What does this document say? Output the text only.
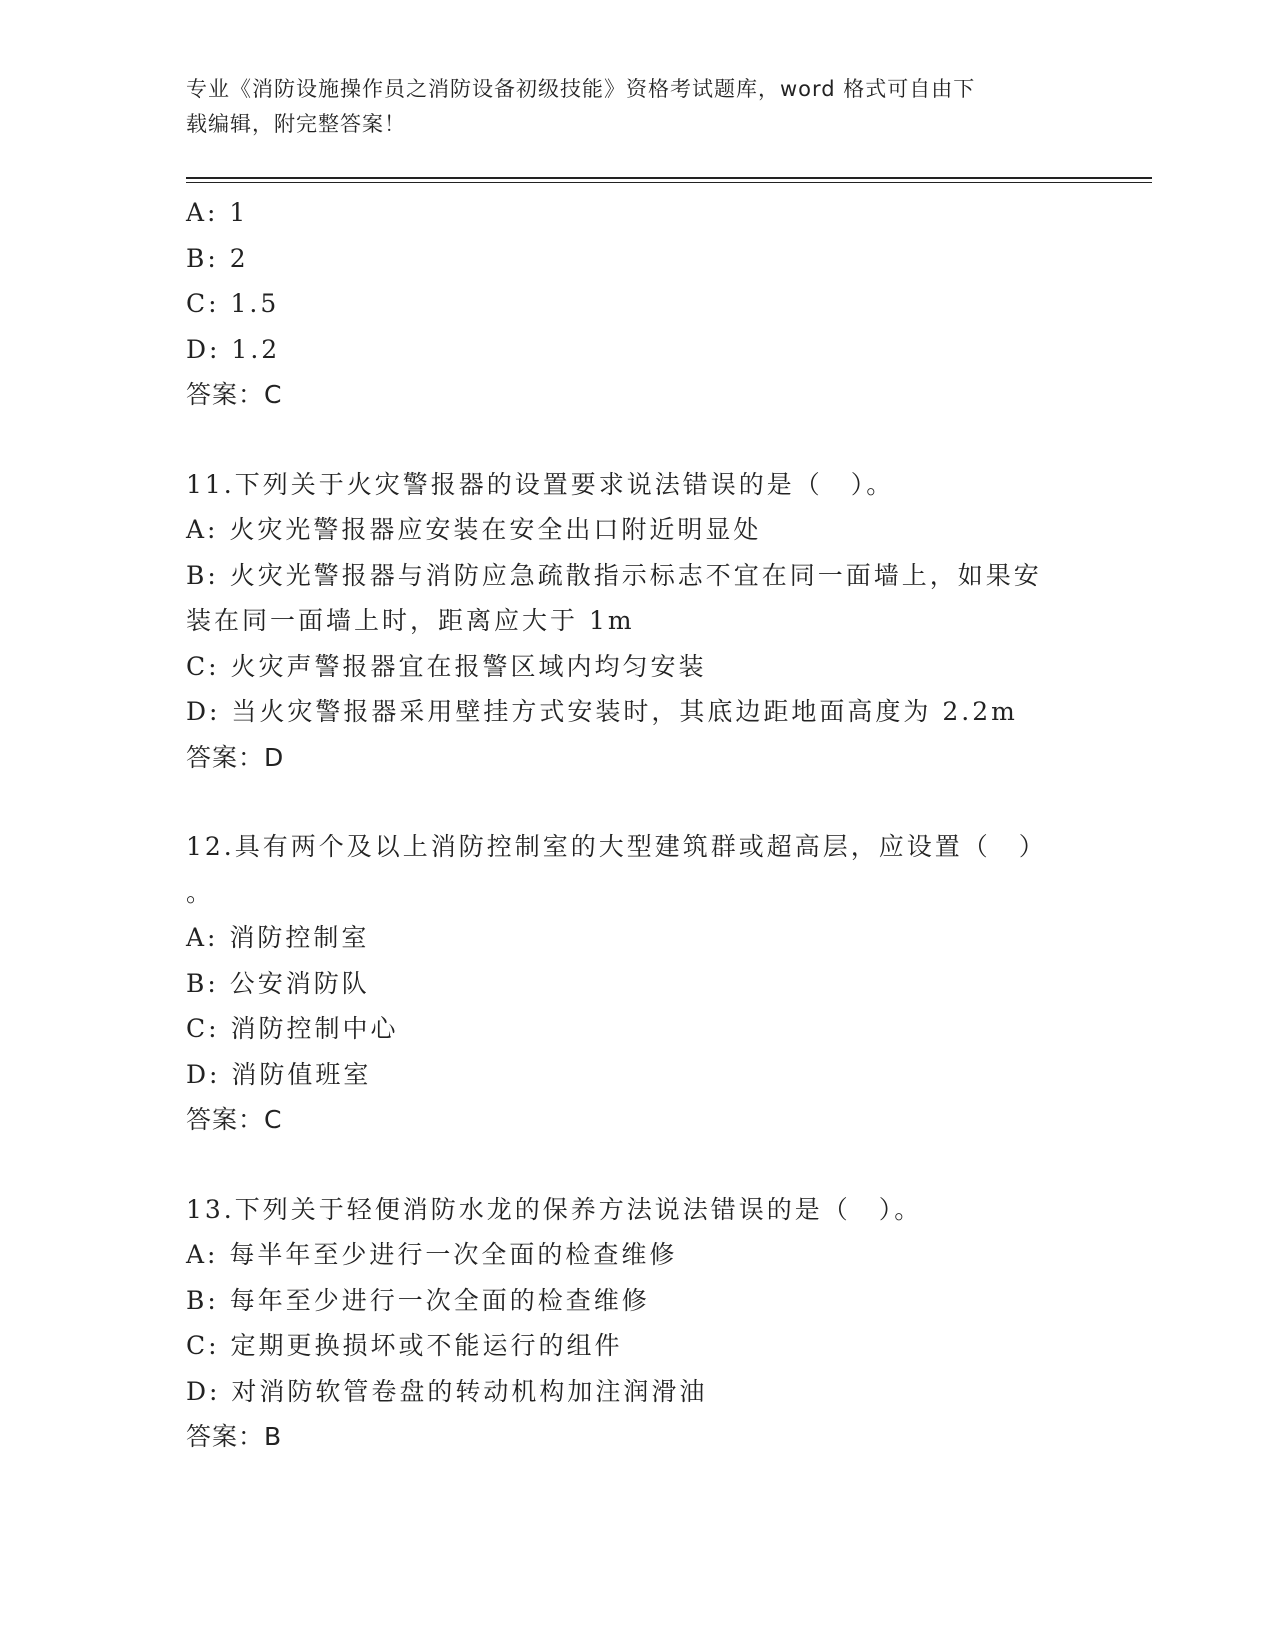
专业《消防设施操作员之消防设备初级技能》资格考试题库，word 格式可自由下
载编辑，附完整答案！
A: 1
B: 2
C: 1.5
D: 1.2
答案：C
11.下列关于火灾警报器的设置要求说法错误的是（　）。
A: 火灾光警报器应安装在安全出口附近明显处
B: 火灾光警报器与消防应急疏散指示标志不宜在同一面墙上，如果安
装在同一面墙上时，距离应大于 1m
C: 火灾声警报器宜在报警区域内均匀安装
D: 当火灾警报器采用壁挂方式安装时，其底边距地面高度为 2.2m
答案：D
12.具有两个及以上消防控制室的大型建筑群或超高层，应设置（　）
。
A: 消防控制室
B: 公安消防队
C: 消防控制中心
D: 消防值班室
答案：C
13.下列关于轻便消防水龙的保养方法说法错误的是（　）。
A: 每半年至少进行一次全面的检查维修
B: 每年至少进行一次全面的检查维修
C: 定期更换损坏或不能运行的组件
D: 对消防软管卷盘的转动机构加注润滑油
答案：B
